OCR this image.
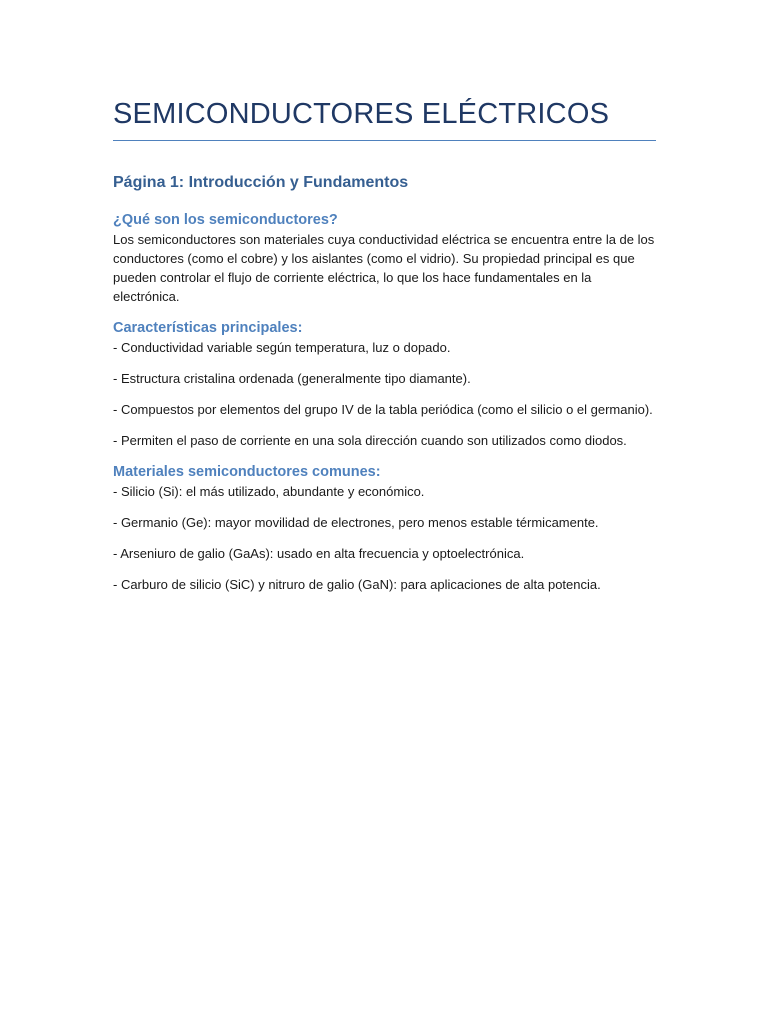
SEMICONDUCTORES ELÉCTRICOS
Página 1: Introducción y Fundamentos
¿Qué son los semiconductores?

Los semiconductores son materiales cuya conductividad eléctrica se encuentra entre la de los conductores (como el cobre) y los aislantes (como el vidrio). Su propiedad principal es que pueden controlar el flujo de corriente eléctrica, lo que los hace fundamentales en la electrónica.

Características principales:

- Conductividad variable según temperatura, luz o dopado.

- Estructura cristalina ordenada (generalmente tipo diamante).

- Compuestos por elementos del grupo IV de la tabla periódica (como el silicio o el germanio).

- Permiten el paso de corriente en una sola dirección cuando son utilizados como diodos.

Materiales semiconductores comunes:

- Silicio (Si): el más utilizado, abundante y económico.

- Germanio (Ge): mayor movilidad de electrones, pero menos estable térmicamente.

- Arseniuro de galio (GaAs): usado en alta frecuencia y optoelectrónica.

- Carburo de silicio (SiC) y nitruro de galio (GaN): para aplicaciones de alta potencia.
